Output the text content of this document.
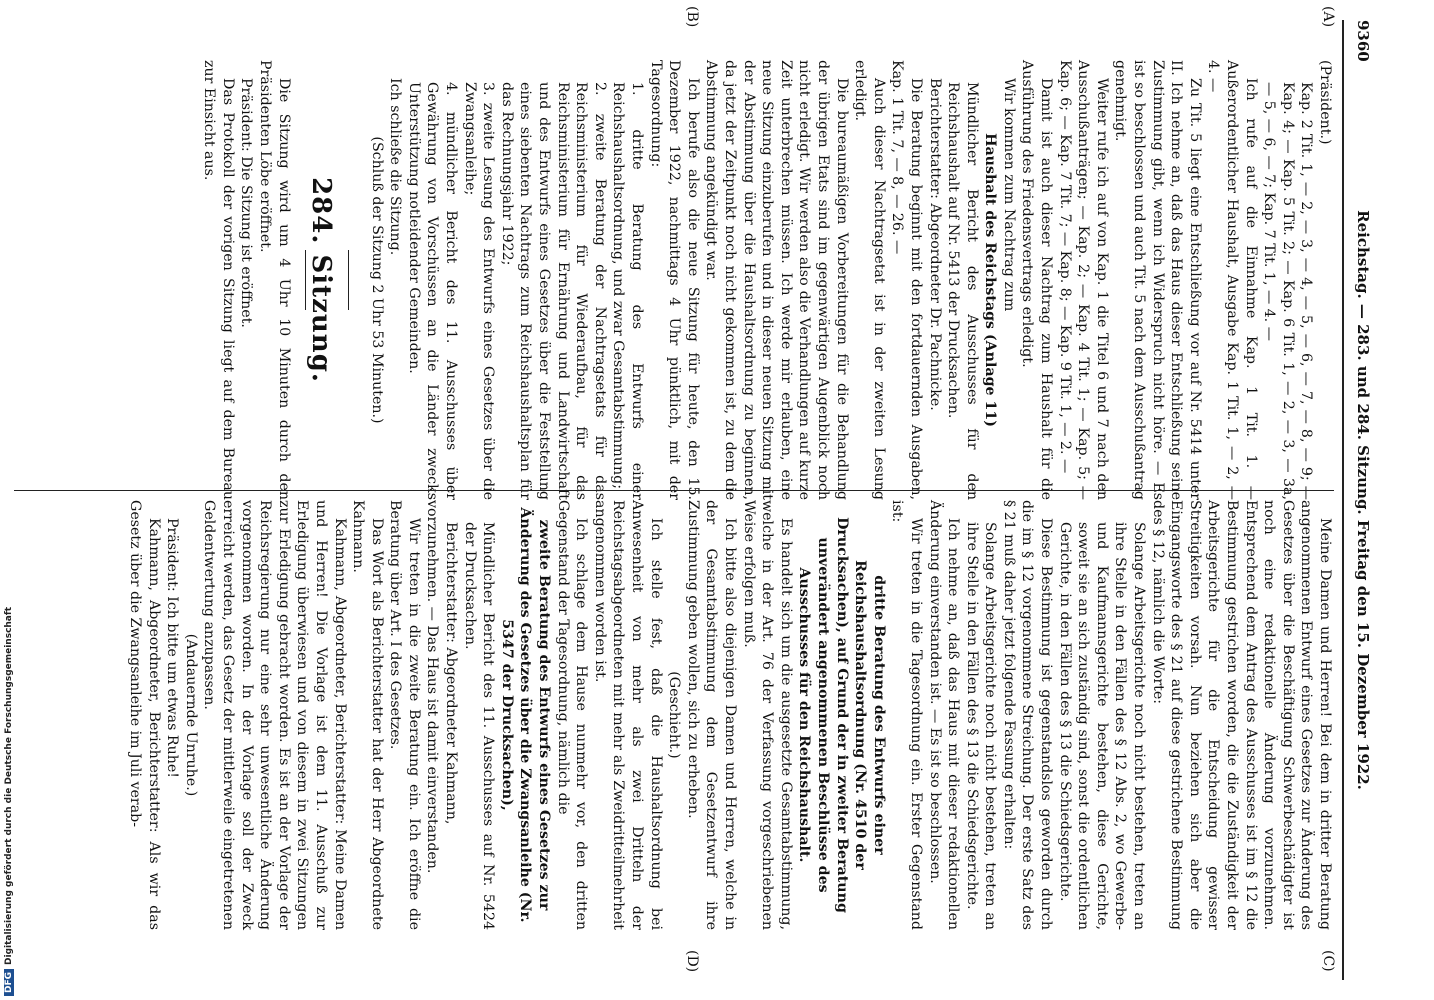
9360
Reichstag. — 283. und 284. Sitzung. Freitag den 15. Dezember 1922.
(A)
(B)
(C)
(D)

(Präsident.)

Kap. 2 Tit. 1, — 2, — 3, — 4, — 5, — 6, — 7, — 8, — 9; — Kap. 4; — Kap. 5 Tit. 2; — Kap. 6 Tit. 1, — 2, — 3, — 3a, — 5, — 6, — 7; Kap. 7 Tit. 1, — 4. —

Ich rufe auf die Einnahme Kap. 1 Tit. 1. — Außerordentlicher Haushalt, Ausgabe Kap. 1 Tit. 1, — 2, — 4. —

Zu Tit. 5 liegt eine Entschließung vor auf Nr. 5414 unter II. Ich nehme an, daß das Haus dieser Entschließung seine Zustimmung gibt, wenn ich Widerspruch nicht höre. — Es ist so beschlossen und auch Tit. 5 nach dem Ausschußantrag genehmigt.

Weiter rufe ich auf von Kap. 1 die Titel 6 und 7 nach den Ausschußanträgen; — Kap. 2; — Kap. 4 Tit. 1; — Kap. 5; — Kap. 6; — Kap. 7 Tit. 7; — Kap. 8; — Kap. 9 Tit. 1, — 2. —

Damit ist auch dieser Nachtrag zum Haushalt für die Ausführung des Friedensvertrags erledigt.

Wir kommen zum Nachtrag zum

Haushalt des Reichstags (Anlage 11)

Mündlicher Bericht des Ausschusses für den Reichshaushalt auf Nr. 5413 der Drucksachen.

Berichterstatter: Abgeordneter Dr. Pachnicke.

Die Beratung beginnt mit den fortdauernden Ausgaben, Kap. 1 Tit. 7, — 8, — 26. —

Auch dieser Nachtragsetat ist in der zweiten Lesung erledigt.

Die bureaumäßigen Vorbereitungen für die Behandlung der übrigen Etats sind im gegenwärtigen Augenblick noch nicht erledigt. Wir werden also die Verhandlungen auf kurze Zeit unterbrechen müssen. Ich werde mir erlauben, eine neue Sitzung einzuberufen und in dieser neuen Sitzung mit der Abstimmung über die Haushaltsordnung zu beginnen, da jetzt der Zeitpunkt noch nicht gekommen ist, zu dem die Abstimmung angekündigt war.

Ich berufe also die neue Sitzung für heute, den 15. Dezember 1922, nachmittags 4 Uhr pünktlich, mit der Tagesordnung:

1. dritte Beratung des Entwurfs einer Reichshaushaltsordnung, und zwar Gesamtabstimmung;

2. zweite Beratung der Nachtragsetats für das Reichsministerium für Wiederaufbau, für das Reichsministerium für Ernährung und Landwirtschaft und des Entwurfs eines Gesetzes über die Feststellung eines siebenten Nachtrags zum Reichshaushaltsplan für das Rechnungsjahr 1922;

3. zweite Lesung des Entwurfs eines Gesetzes über die Zwangsanleihe;

4. mündlicher Bericht des 11. Ausschusses über Gewährung von Vorschüssen an die Länder zwecks Unterstützung notleidender Gemeinden.

Ich schließe die Sitzung.

(Schluß der Sitzung 2 Uhr 53 Minuten.)

284. Sitzung.

Die Sitzung wird um 4 Uhr 10 Minuten durch den Präsidenten Löbe eröffnet.

Präsident: Die Sitzung ist eröffnet.

Das Protokoll der vorigen Sitzung liegt auf dem Bureau zur Einsicht aus.

Meine Damen und Herren! Bei dem in dritter Beratung angenommenen Entwurf eines Gesetzes zur Änderung des Gesetzes über die Beschäftigung Schwerbeschädigter ist noch eine redaktionelle Änderung vorzunehmen. Entsprechend dem Antrag des Ausschusses ist im § 12 die Bestimmung gestrichen worden, die die Zuständigkeit der Arbeitsgerichte für die Entscheidung gewisser Streitigkeiten vorsah. Nun beziehen sich aber die Eingangsworte des § 21 auf diese gestrichene Bestimmung des § 12, nämlich die Worte:

Solange Arbeitsgerichte noch nicht bestehen, treten an ihre Stelle in den Fällen des § 12 Abs. 2, wo Gewerbe- und Kaufmannsgerichte bestehen, diese Gerichte, soweit sie an sich zuständig sind, sonst die ordentlichen Gerichte, in den Fällen des § 13 die Schiedsgerichte.

Diese Bestimmung ist gegenstandslos geworden durch die im § 12 vorgenommene Streichung. Der erste Satz des § 21 muß daher jetzt folgende Fassung erhalten:

Solange Arbeitsgerichte noch nicht bestehen, treten an ihre Stelle in den Fällen des § 13 die Schiedsgerichte.

Ich nehme an, daß das Haus mit dieser redaktionellen Änderung einverstanden ist. — Es ist so beschlossen.

Wir treten in die Tagesordnung ein. Erster Gegenstand ist:

dritte Beratung des Entwurfs einer Reichshaushaltsordnung (Nr. 4510 der Drucksachen), auf Grund der in zweiter Beratung unverändert angenommenen Beschlüsse des Ausschusses für den Reichshaushalt.

Es handelt sich um die ausgesetzte Gesamtabstimmung, welche in der Art. 76 der Verfassung vorgeschriebenen Weise erfolgen muß.

Ich bitte also diejenigen Damen und Herren, welche in der Gesamtabstimmung dem Gesetzentwurf ihre Zustimmung geben wollen, sich zu erheben.

(Geschieht.)

Ich stelle fest, daß die Haushaltsordnung bei Anwesenheit von mehr als zwei Dritteln der Reichstagsabgeordneten mit mehr als Zweidritteilmehrheit angenommen worden ist.

Ich schlage dem Hause nunmehr vor, den dritten Gegenstand der Tagesordnung, nämlich die

zweite Beratung des Entwurfs eines Gesetzes zur Änderung des Gesetzes über die Zwangsanleihe (Nr. 5347 der Drucksachen),

Mündlicher Bericht des 11. Ausschusses auf Nr. 5424 der Drucksachen.

Berichterstatter: Abgeordneter Kahmann,

vorzunehmen. — Das Haus ist damit einverstanden.

Wir treten in die zweite Beratung ein. Ich eröffne die Beratung über Art. I des Gesetzes.

Das Wort als Berichterstatter hat der Herr Abgeordnete Kahmann.

Kahmann, Abgeordneter, Berichterstatter: Meine Damen und Herren! Die Vorlage ist dem 11. Ausschuß zur Erledigung überwiesen und von diesem in zwei Sitzungen zur Erledigung gebracht worden. Es ist an der Vorlage der Reichsregierung nur eine sehr unwesentliche Änderung vorgenommen worden. In der Vorlage soll der Zweck erreicht werden, das Gesetz der mittlerweile eingetretenen Geldentwertung anzupassen.

(Andauernde Unruhe.)

Präsident: Ich bitte um etwas Ruhe!

Kahmann, Abgeordneter, Berichterstatter: Als wir das Gesetz über die Zwangsanleihe im Juli verab-

DFGDigitalisierung gefördert durch die Deutsche Forschungsgemeinschaft
